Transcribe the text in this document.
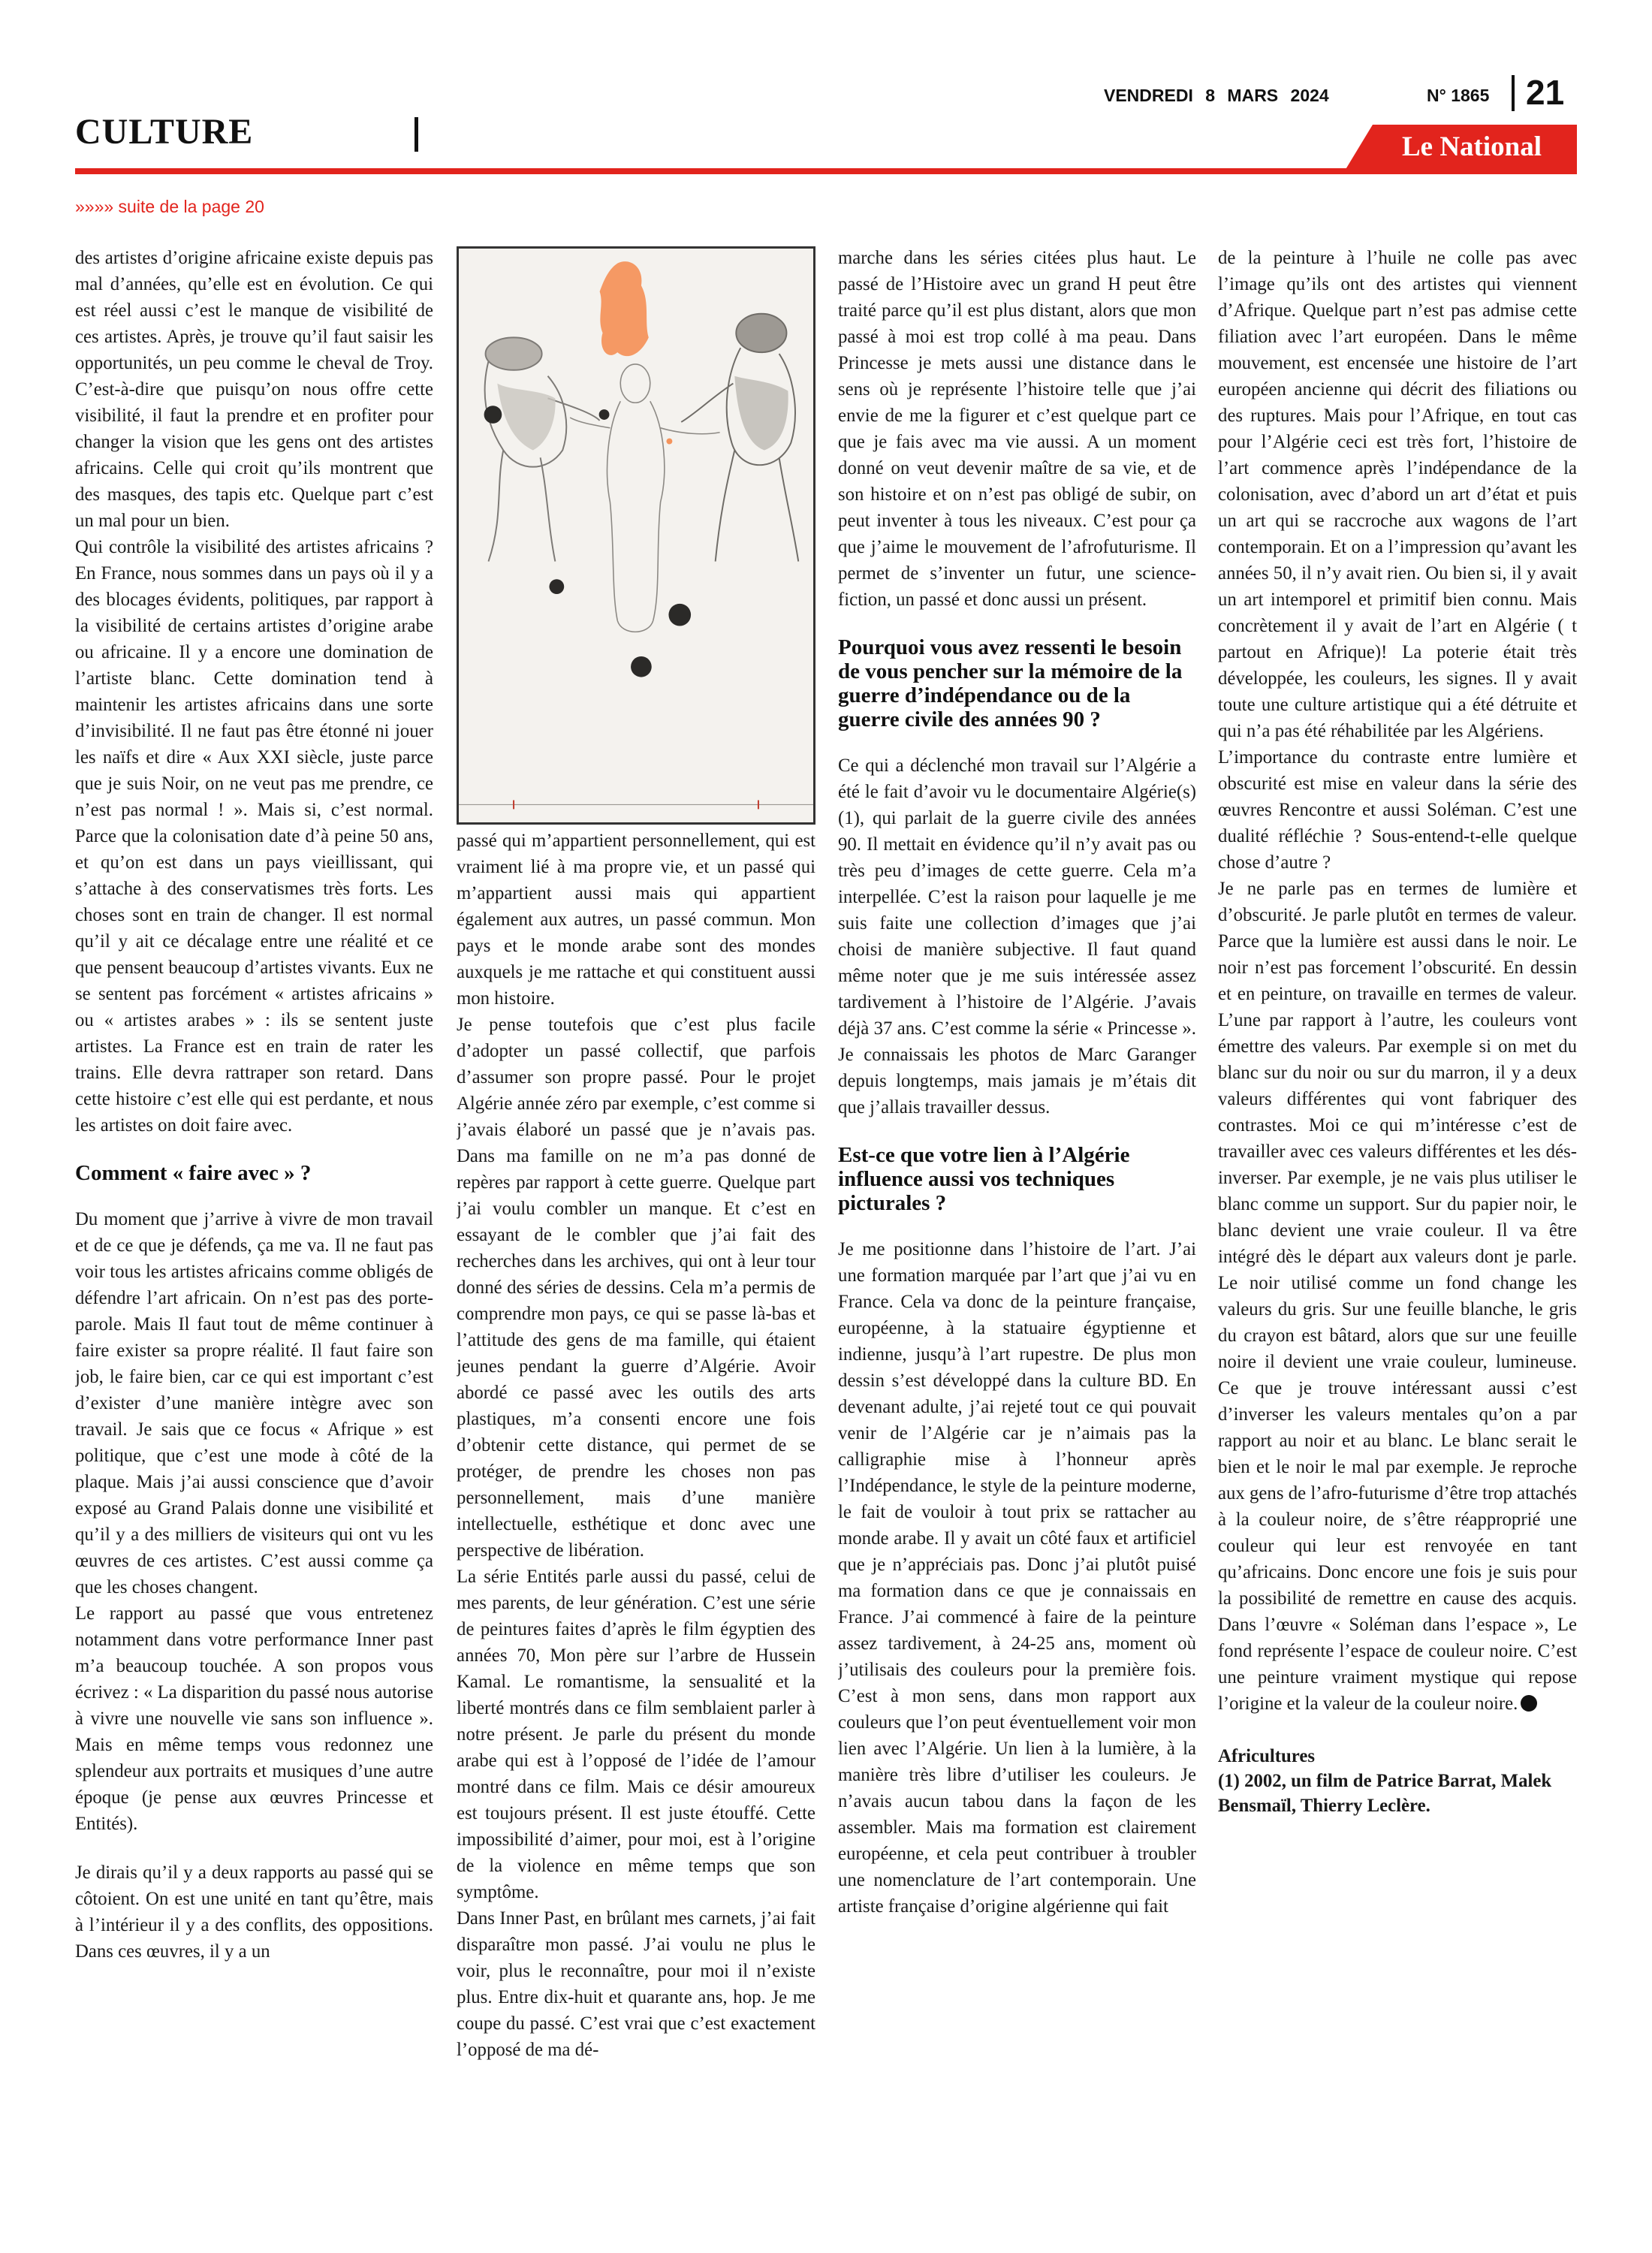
CULTURE
VENDREDI 8 MARS 2024	N° 1865 21
Le National
»»»» suite de la page 20

des artistes d’origine africaine existe depuis pas mal d’années, qu’elle est en évolution. Ce qui est réel aussi c’est le manque de visibilité de ces artistes. Après, je trouve qu’il faut saisir les opportunités, un peu comme le cheval de Troy. C’est-à-dire que puisqu’on nous offre cette visibilité, il faut la prendre et en profiter pour changer la vision que les gens ont des artistes africains. Celle qui croit qu’ils montrent que des masques, des tapis etc. Quelque part c’est un mal pour un bien.

Qui contrôle la visibilité des artistes africains ? En France, nous sommes dans un pays où il y a des blocages évidents, politiques, par rapport à la visibilité de certains artistes d’origine arabe ou africaine. Il y a encore une domination de l’artiste blanc. Cette domination tend à maintenir les artistes africains dans une sorte d’invisibilité. Il ne faut pas être étonné ni jouer les naïfs et dire « Aux XXI siècle, juste parce que je suis Noir, on ne veut pas me prendre, ce n’est pas normal ! ». Mais si, c’est normal. Parce que la colonisation date d’à peine 50 ans, et qu’on est dans un pays vieillissant, qui s’attache à des conservatismes très forts. Les choses sont en train de changer. Il est normal qu’il y ait ce décalage entre une réalité et ce que pensent beaucoup d’artistes vivants. Eux ne se sentent pas forcément « artistes africains » ou « artistes arabes » : ils se sentent juste artistes. La France est en train de rater les trains. Elle devra rattraper son retard. Dans cette histoire c’est elle qui est perdante, et nous les artistes on doit faire avec.

Comment « faire avec » ?

Du moment que j’arrive à vivre de mon travail et de ce que je défends, ça me va. Il ne faut pas voir tous les artistes africains comme obligés de défendre l’art africain. On n’est pas des porte-parole. Mais Il faut tout de même continuer à faire exister sa propre réalité. Il faut faire son job, le faire bien, car ce qui est important c’est d’exister d’une manière intègre avec son travail. Je sais que ce focus « Afrique » est politique, que c’est une mode à côté de la plaque. Mais j’ai aussi conscience que d’avoir exposé au Grand Palais donne une visibilité et qu’il y a des milliers de visiteurs qui ont vu les œuvres de ces artistes. C’est aussi comme ça que les choses changent.

Le rapport au passé que vous entretenez notamment dans votre performance Inner past m’a beaucoup touchée. A son propos vous écrivez : « La disparition du passé nous autorise à vivre une nouvelle vie sans son influence ». Mais en même temps vous redonnez une splendeur aux portraits et musiques d’une autre époque (je pense aux œuvres Princesse et Entités).

Je dirais qu’il y a deux rapports au passé qui se côtoient. On est une unité en tant qu’être, mais à l’intérieur il y a des conflits, des oppositions. Dans ces œuvres, il y a un

passé qui m’appartient personnellement, qui est vraiment lié à ma propre vie, et un passé qui m’appartient aussi mais qui appartient également aux autres, un passé commun. Mon pays et le monde arabe sont des mondes auxquels je me rattache et qui constituent aussi mon histoire.

Je pense toutefois que c’est plus facile d’adopter un passé collectif, que parfois d’assumer son propre passé. Pour le projet Algérie année zéro par exemple, c’est comme si j’avais élaboré un passé que je n’avais pas. Dans ma famille on ne m’a pas donné de repères par rapport à cette guerre. Quelque part j’ai voulu combler un manque. Et c’est en essayant de le combler que j’ai fait des recherches dans les archives, qui ont à leur tour donné des séries de dessins. Cela m’a permis de comprendre mon pays, ce qui se passe là-bas et l’attitude des gens de ma famille, qui étaient jeunes pendant la guerre d’Algérie. Avoir abordé ce passé avec les outils des arts plastiques, m’a consenti encore une fois d’obtenir cette distance, qui permet de se protéger, de prendre les choses non pas personnellement, mais d’une manière intellectuelle, esthétique et donc avec une perspective de libération.

La série Entités parle aussi du passé, celui de mes parents, de leur génération. C’est une série de peintures faites d’après le film égyptien des années 70, Mon père sur l’arbre de Hussein Kamal. Le romantisme, la sensualité et la liberté montrés dans ce film semblaient parler à notre présent. Je parle du présent du monde arabe qui est à l’opposé de l’idée de l’amour montré dans ce film. Mais ce désir amoureux est toujours présent. Il est juste étouffé. Cette impossibilité d’aimer, pour moi, est à l’origine de la violence en même temps que son symptôme.

Dans Inner Past, en brûlant mes carnets, j’ai fait disparaître mon passé. J’ai voulu ne plus le voir, plus le reconnaître, pour moi il n’existe plus. Entre dix-huit et quarante ans, hop. Je me coupe du passé. C’est vrai que c’est exactement l’opposé de ma dé-

marche dans les séries citées plus haut. Le passé de l’Histoire avec un grand H peut être traité parce qu’il est plus distant, alors que mon passé à moi est trop collé à ma peau. Dans Princesse je mets aussi une distance dans le sens où je représente l’histoire telle que j’ai envie de me la figurer et c’est quelque part ce que je fais avec ma vie aussi. A un moment donné on veut devenir maître de sa vie, et de son histoire et on n’est pas obligé de subir, on peut inventer à tous les niveaux. C’est pour ça que j’aime le mouvement de l’afrofuturisme. Il permet de s’inventer un futur, une science-fiction, un passé et donc aussi un présent.

Pourquoi vous avez ressenti le besoin de vous pencher sur la mémoire de la guerre d’indépendance ou de la guerre civile des années 90 ?

Ce qui a déclenché mon travail sur l’Algérie a été le fait d’avoir vu le documentaire Algérie(s) (1), qui parlait de la guerre civile des années 90. Il mettait en évidence qu’il n’y avait pas ou très peu d’images de cette guerre. Cela m’a interpellée. C’est la raison pour laquelle je me suis faite une collection d’images que j’ai choisi de manière subjective. Il faut quand même noter que je me suis intéressée assez tardivement à l’histoire de l’Algérie. J’avais déjà 37 ans. C’est comme la série « Princesse ». Je connaissais les photos de Marc Garanger depuis longtemps, mais jamais je m’étais dit que j’allais travailler dessus.

Est-ce que votre lien à l’Algérie influence aussi vos techniques picturales ?

Je me positionne dans l’histoire de l’art. J’ai une formation marquée par l’art que j’ai vu en France. Cela va donc de la peinture française, européenne, à la statuaire égyptienne et indienne, jusqu’à l’art rupestre. De plus mon dessin s’est développé dans la culture BD. En devenant adulte, j’ai rejeté tout ce qui pouvait venir de l’Algérie car je n’aimais pas la calligraphie mise à l’honneur après l’Indépendance, le style de la peinture moderne, le fait de vouloir à tout prix se rattacher au monde arabe. Il y avait un côté faux et artificiel que je n’appréciais pas. Donc j’ai plutôt puisé ma formation dans ce que je connaissais en France. J’ai commencé à faire de la peinture assez tardivement, à 24-25 ans, moment où j’utilisais des couleurs pour la première fois. C’est à mon sens, dans mon rapport aux couleurs que l’on peut éventuellement voir mon lien avec l’Algérie. Un lien à la lumière, à la manière très libre d’utiliser les couleurs. Je n’avais aucun tabou dans la façon de les assembler. Mais ma formation est clairement européenne, et cela peut contribuer à troubler une nomenclature de l’art contemporain. Une artiste française d’origine algérienne qui fait

de la peinture à l’huile ne colle pas avec l’image qu’ils ont des artistes qui viennent d’Afrique. Quelque part n’est pas admise cette filiation avec l’art européen. Dans le même mouvement, est encensée une histoire de l’art européen ancienne qui décrit des filiations ou des ruptures. Mais pour l’Afrique, en tout cas pour l’Algérie ceci est très fort, l’histoire de l’art commence après l’indépendance de la colonisation, avec d’abord un art d’état et puis un art qui se raccroche aux wagons de l’art contemporain. Et on a l’impression qu’avant les années 50, il n’y avait rien. Ou bien si, il y avait un art intemporel et primitif bien connu. Mais concrètement il y avait de l’art en Algérie ( t partout en Afrique)! La poterie était très développée, les couleurs, les signes. Il y avait toute une culture artistique qui a été détruite et qui n’a pas été réhabilitée par les Algériens.

L’importance du contraste entre lumière et obscurité est mise en valeur dans la série des œuvres Rencontre et aussi Soléman. C’est une dualité réfléchie ? Sous-entend-t-elle quelque chose d’autre ?

Je ne parle pas en termes de lumière et d’obscurité. Je parle plutôt en termes de valeur. Parce que la lumière est aussi dans le noir. Le noir n’est pas forcement l’obscurité. En dessin et en peinture, on travaille en termes de valeur. L’une par rapport à l’autre, les couleurs vont émettre des valeurs. Par exemple si on met du blanc sur du noir ou sur du marron, il y a deux valeurs différentes qui vont fabriquer des contrastes. Moi ce qui m’intéresse c’est de travailler avec ces valeurs différentes et les dés-inverser. Par exemple, je ne vais plus utiliser le blanc comme un support. Sur du papier noir, le blanc devient une vraie couleur. Il va être intégré dès le départ aux valeurs dont je parle. Le noir utilisé comme un fond change les valeurs du gris. Sur une feuille blanche, le gris du crayon est bâtard, alors que sur une feuille noire il devient une vraie couleur, lumineuse. Ce que je trouve intéressant aussi c’est d’inverser les valeurs mentales qu’on a par rapport au noir et au blanc. Le blanc serait le bien et le noir le mal par exemple. Je reproche aux gens de l’afro-futurisme d’être trop attachés à la couleur noire, de s’être réapproprié une couleur qui leur est renvoyée en tant qu’africains. Donc encore une fois je suis pour la possibilité de remettre en cause des acquis. Dans l’œuvre « Soléman dans l’espace », Le fond représente l’espace de couleur noire. C’est une peinture vraiment mystique qui repose l’origine et la valeur de la couleur noire.

Africultures
(1) 2002, un film de Patrice Barrat, Malek Bensmaïl, Thierry Leclère.
